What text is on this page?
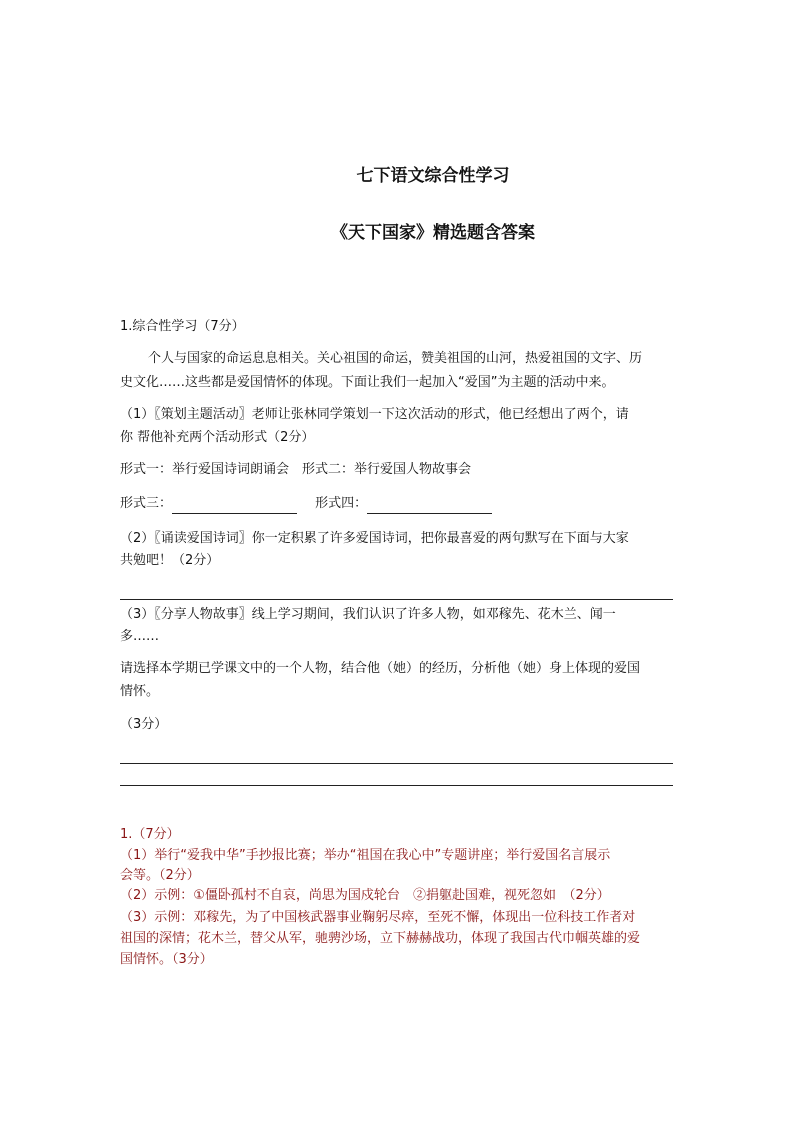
七下语文综合性学习
《天下国家》精选题含答案
1.综合性学习（7分）
个人与国家的命运息息相关。关心祖国的命运，赞美祖国的山河，热爱祖国的文字、历
史文化……这些都是爱国情怀的体现。下面让我们一起加入“爱国”为主题的活动中来。
（1）〖策划主题活动〗老师让张林同学策划一下这次活动的形式，他已经想出了两个，请
你 帮他补充两个活动形式（2分）
形式一：举行爱国诗词朗诵会　形式二：举行爱国人物故事会
形式三：	形式四：
（2）〖诵读爱国诗词〗你一定积累了许多爱国诗词，把你最喜爱的两句默写在下面与大家
共勉吧！（2分）
（3）〖分享人物故事〗线上学习期间，我们认识了许多人物，如邓稼先、花木兰、闻一
多……
请选择本学期已学课文中的一个人物，结合他（她）的经历，分析他（她）身上体现的爱国
情怀。
（3分）
1.（7分）
（1）举行“爱我中华”手抄报比赛；举办“祖国在我心中”专题讲座；举行爱国名言展示
会等。（2分）
（2）示例：①僵卧孤村不自哀，尚思为国戍轮台  ②捐躯赴国难，视死忽如  （2分）
（3）示例：邓稼先，为了中国核武器事业鞠躬尽瘁，至死不懈，体现出一位科技工作者对
祖国的深情；花木兰，替父从军，驰骋沙场，立下赫赫战功，体现了我国古代巾帼英雄的爱
国情怀。（3分）
